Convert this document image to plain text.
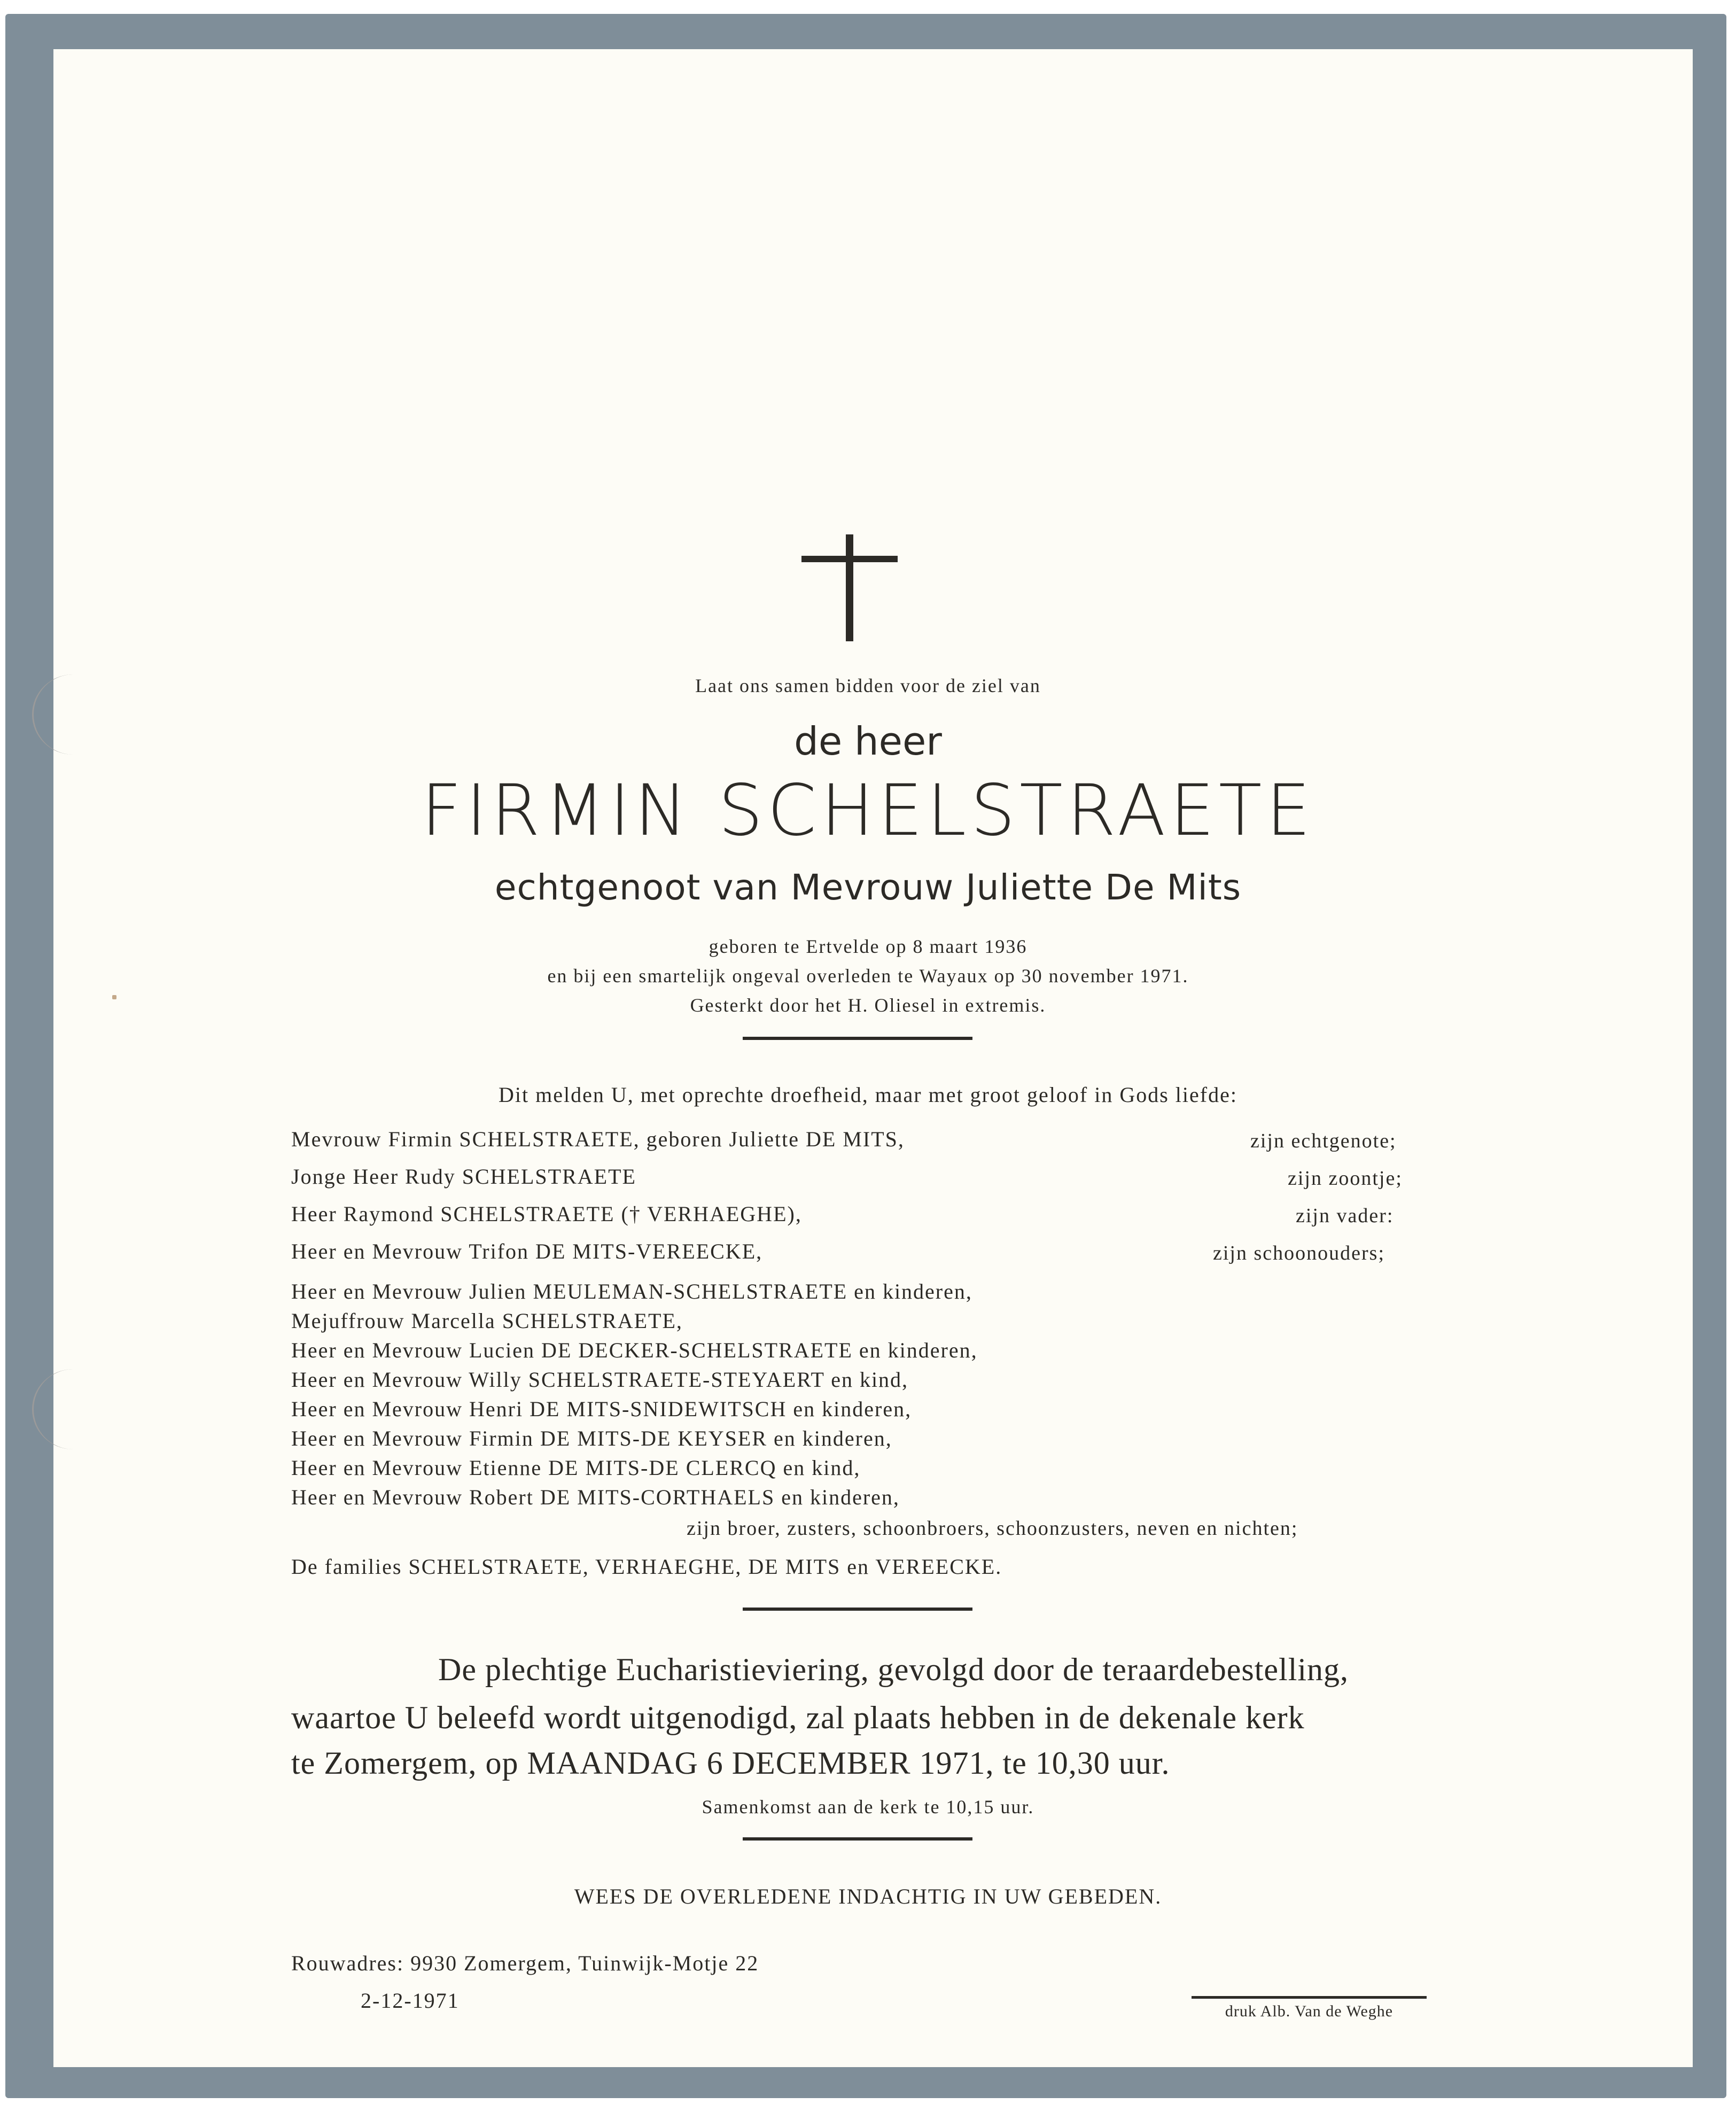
Laat ons samen bidden voor de ziel van
de heer
FIRMIN SCHELSTRAETE
echtgenoot van Mevrouw Juliette De Mits
geboren te Ertvelde op 8 maart 1936
en bij een smartelijk ongeval overleden te Wayaux op 30 november 1971.
Gesterkt door het H. Oliesel in extremis.
Dit melden U, met oprechte droefheid, maar met groot geloof in Gods liefde:
Mevrouw Firmin SCHELSTRAETE, geboren Juliette DE MITS,	zijn echtgenote;
Jonge Heer Rudy SCHELSTRAETE	zijn zoontje;
Heer Raymond SCHELSTRAETE († VERHAEGHE),	zijn vader:
Heer en Mevrouw Trifon DE MITS-VEREECKE,	zijn schoonouders;
Heer en Mevrouw Julien MEULEMAN-SCHELSTRAETE en kinderen,
Mejuffrouw Marcella SCHELSTRAETE,
Heer en Mevrouw Lucien DE DECKER-SCHELSTRAETE en kinderen,
Heer en Mevrouw Willy SCHELSTRAETE-STEYAERT en kind,
Heer en Mevrouw Henri DE MITS-SNIDEWITSCH en kinderen,
Heer en Mevrouw Firmin DE MITS-DE KEYSER en kinderen,
Heer en Mevrouw Etienne DE MITS-DE CLERCQ en kind,
Heer en Mevrouw Robert DE MITS-CORTHAELS en kinderen,
zijn broer, zusters, schoonbroers, schoonzusters, neven en nichten;
De families SCHELSTRAETE, VERHAEGHE, DE MITS en VEREECKE.
De plechtige Eucharistieviering, gevolgd door de teraardebestelling,
waartoe U beleefd wordt uitgenodigd, zal plaats hebben in de dekenale kerk
te Zomergem, op MAANDAG 6 DECEMBER 1971, te 10,30 uur.
Samenkomst aan de kerk te 10,15 uur.
WEES DE OVERLEDENE INDACHTIG IN UW GEBEDEN.
Rouwadres: 9930 Zomergem, Tuinwijk-Motje 22
2-12-1971	druk Alb. Van de Weghe
